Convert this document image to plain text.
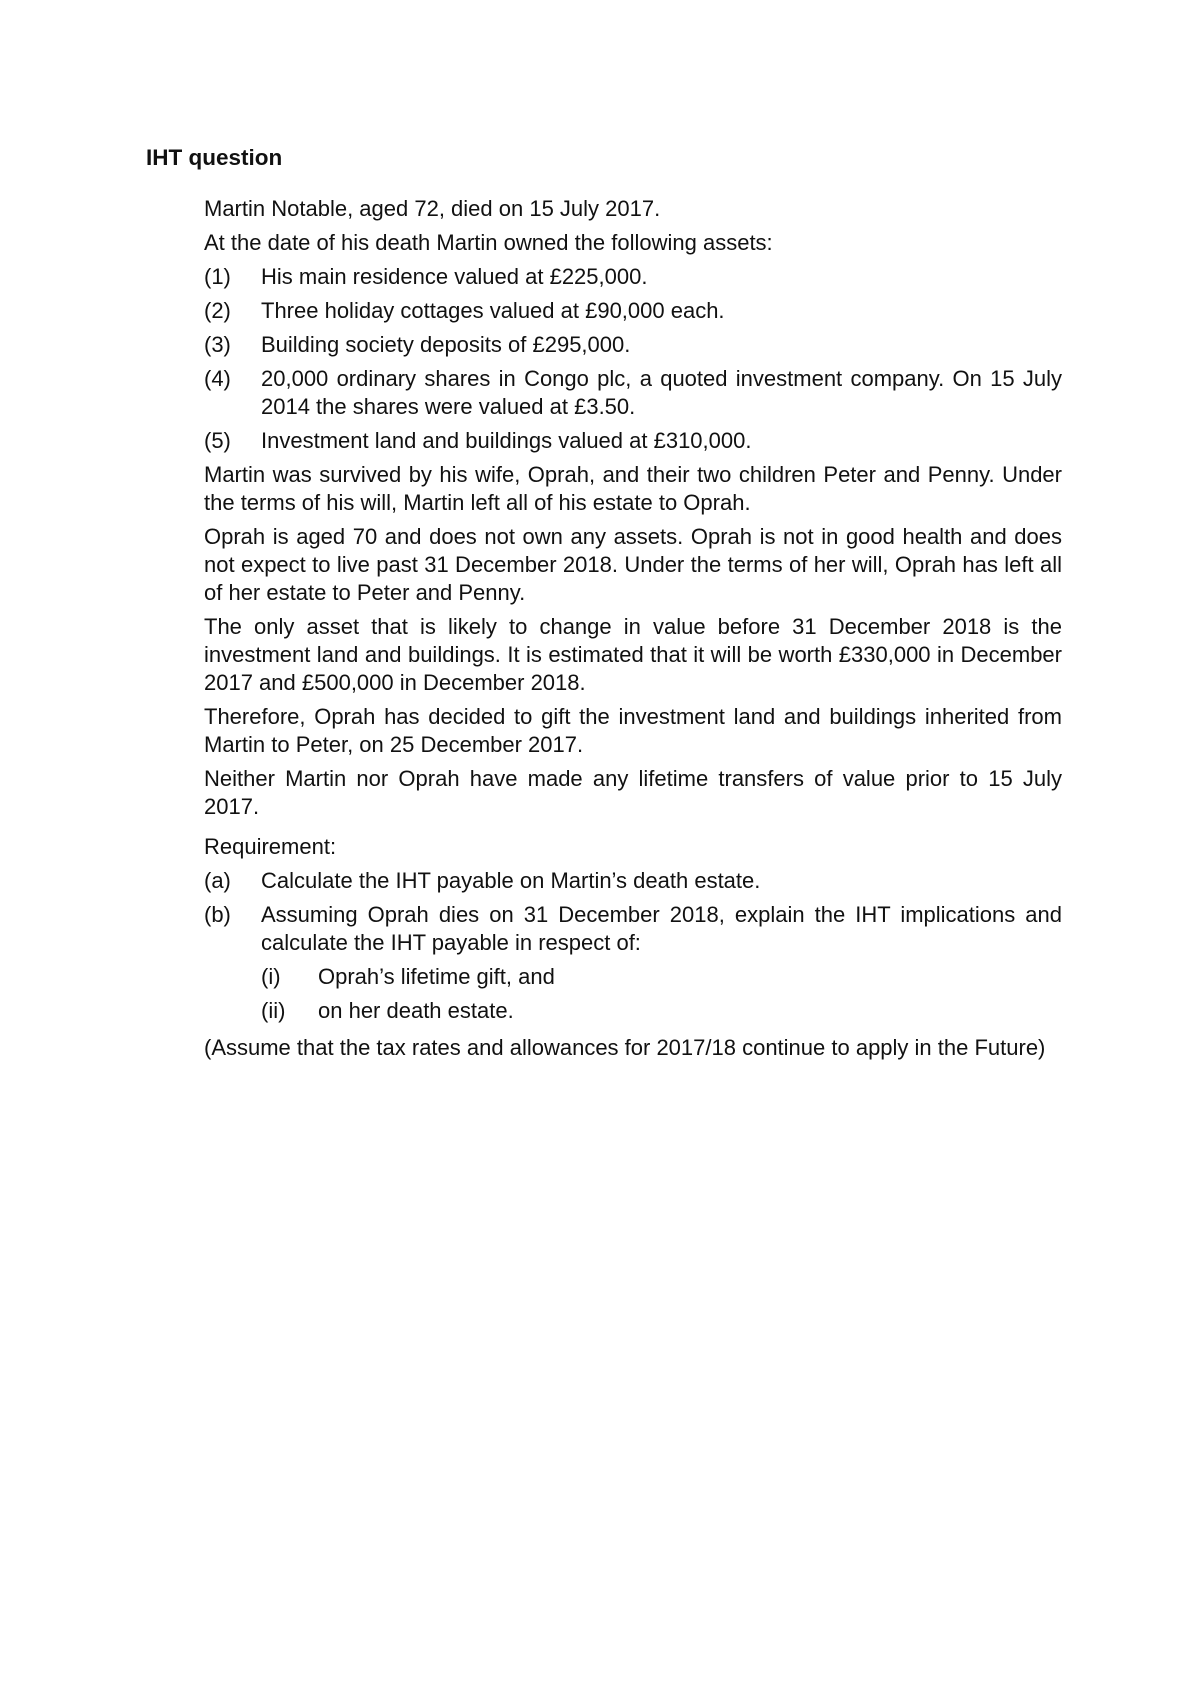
IHT question

Martin Notable, aged 72, died on 15 July 2017.

At the date of his death Martin owned the following assets:

(1)	His main residence valued at £225,000.
(2)	Three holiday cottages valued at £90,000 each.
(3)	Building society deposits of £295,000.
(4)	20,000 ordinary shares in Congo plc, a quoted investment company. On 15 July 2014 the shares were valued at £3.50.
(5)	Investment land and buildings valued at £310,000.

Martin was survived by his wife, Oprah, and their two children Peter and Penny. Under the terms of his will, Martin left all of his estate to Oprah.

Oprah is aged 70 and does not own any assets. Oprah is not in good health and does not expect to live past 31 December 2018. Under the terms of her will, Oprah has left all of her estate to Peter and Penny.

The only asset that is likely to change in value before 31 December 2018 is the investment land and buildings. It is estimated that it will be worth £330,000 in December 2017 and £500,000 in December 2018.

Therefore, Oprah has decided to gift the investment land and buildings inherited from Martin to Peter, on 25 December 2017.

Neither Martin nor Oprah have made any lifetime transfers of value prior to 15 July 2017.

Requirement:

(a)	Calculate the IHT payable on Martin’s death estate.
(b)	Assuming Oprah dies on 31 December 2018, explain the IHT implications and calculate the IHT payable in respect of:
(i)	Oprah’s lifetime gift, and
(ii)	on her death estate.

(Assume that the tax rates and allowances for 2017/18 continue to apply in the Future)
